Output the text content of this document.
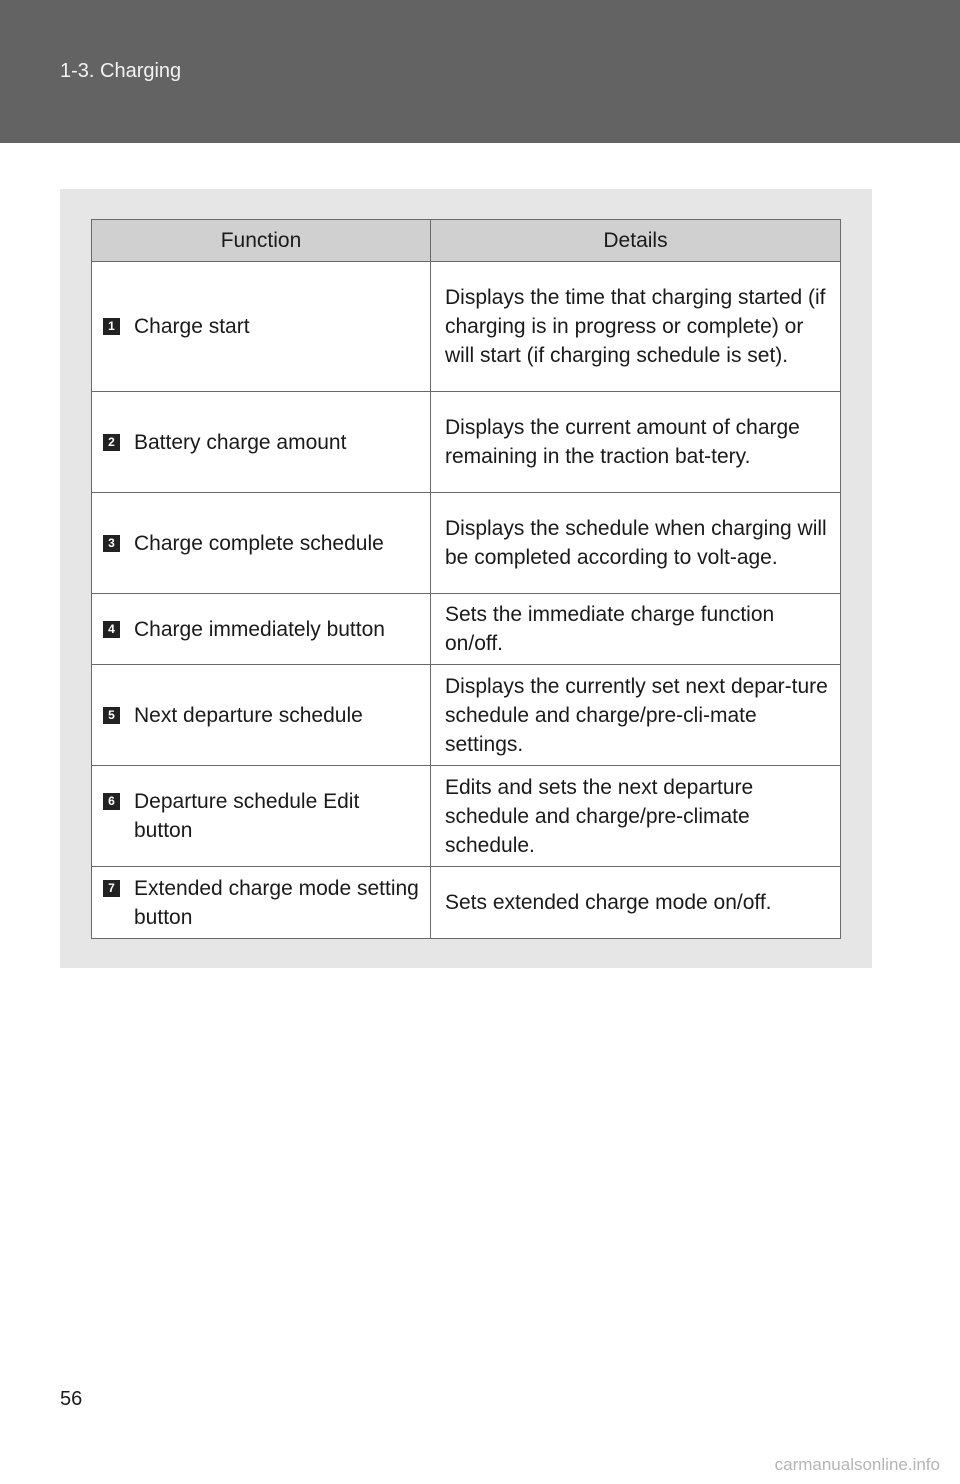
1-3. Charging
Function	Details

1 Charge start	Displays the time that charging started (if charging is in progress or complete) or will start (if charging schedule is set).

2 Battery charge amount	Displays the current amount of charge remaining in the traction bat-tery.

3 Charge complete schedule	Displays the schedule when charging will be completed according to volt-age.

4 Charge immediately button	Sets the immediate charge function on/off.

5 Next departure schedule	Displays the currently set next depar-ture schedule and charge/pre-cli-mate settings.

6 Departure schedule Edit button	Edits and sets the next departure schedule and charge/pre-climate schedule.

7 Extended charge mode setting button	Sets extended charge mode on/off.
56
carmanualsonline.info
